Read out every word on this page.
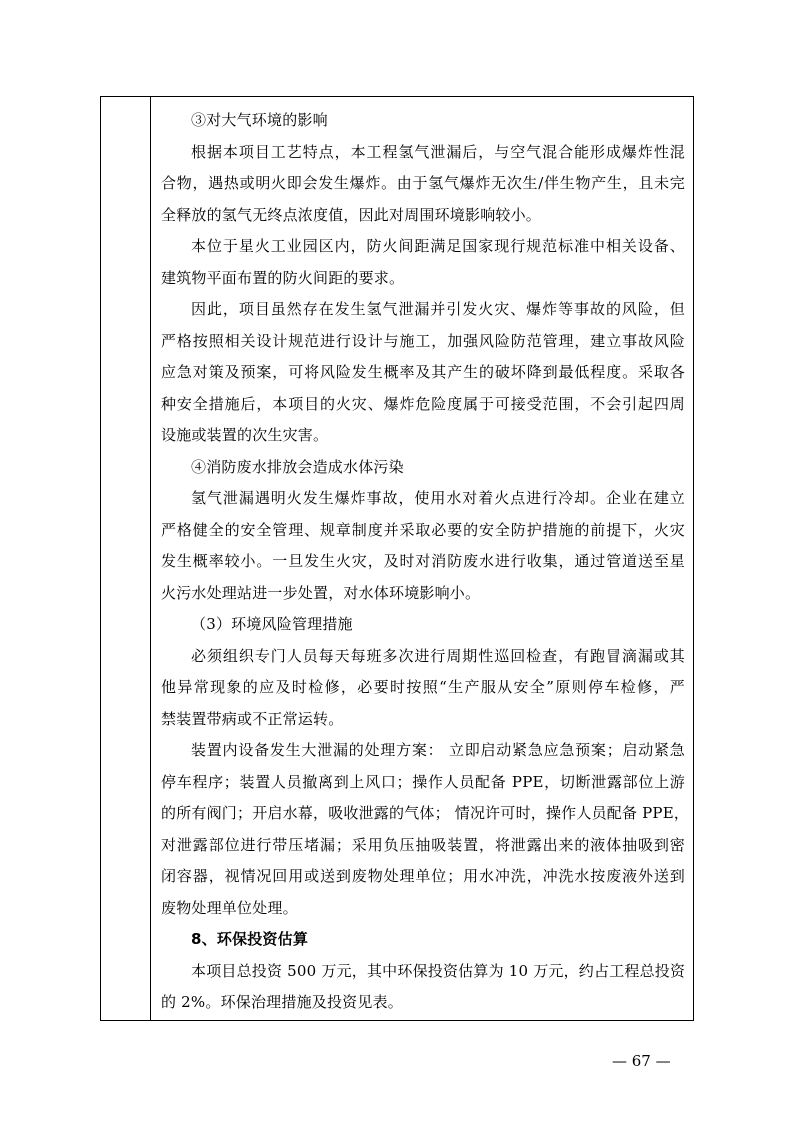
③对大气环境的影响
根据本项目工艺特点，本工程氢气泄漏后，与空气混合能形成爆炸性混
合物，遇热或明火即会发生爆炸。由于氢气爆炸无次生/伴生物产生，且未完
全释放的氢气无终点浓度值，因此对周围环境影响较小。
本位于星火工业园区内，防火间距满足国家现行规范标准中相关设备、
建筑物平面布置的防火间距的要求。
因此，项目虽然存在发生氢气泄漏并引发火灾、爆炸等事故的风险，但
严格按照相关设计规范进行设计与施工，加强风险防范管理，建立事故风险
应急对策及预案，可将风险发生概率及其产生的破坏降到最低程度。采取各
种安全措施后，本项目的火灾、爆炸危险度属于可接受范围，不会引起四周
设施或装置的次生灾害。
④消防废水排放会造成水体污染
氢气泄漏遇明火发生爆炸事故，使用水对着火点进行冷却。企业在建立
严格健全的安全管理、规章制度并采取必要的安全防护措施的前提下，火灾
发生概率较小。一旦发生火灾，及时对消防废水进行收集，通过管道送至星
火污水处理站进一步处置，对水体环境影响小。
（3）环境风险管理措施
必须组织专门人员每天每班多次进行周期性巡回检查，有跑冒滴漏或其
他异常现象的应及时检修，必要时按照“生产服从安全”原则停车检修，严
禁装置带病或不正常运转。
装置内设备发生大泄漏的处理方案： 立即启动紧急应急预案；启动紧急
停车程序；装置人员撤离到上风口；操作人员配备 PPE，切断泄露部位上游
的所有阀门；开启水幕，吸收泄露的气体； 情况许可时，操作人员配备 PPE，
对泄露部位进行带压堵漏；采用负压抽吸装置，将泄露出来的液体抽吸到密
闭容器，视情况回用或送到废物处理单位；用水冲洗，冲洗水按废液外送到
废物处理单位处理。
8、环保投资估算
本项目总投资 500 万元，其中环保投资估算为 10 万元，约占工程总投资
的 2%。环保治理措施及投资见表。
— 67 —
